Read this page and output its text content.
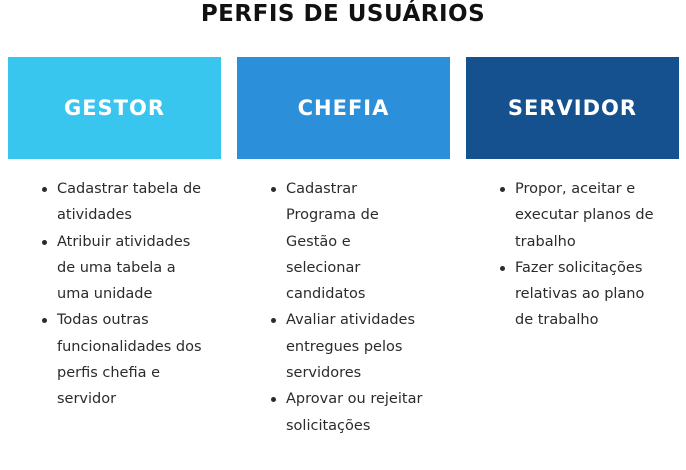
PERFIS DE USUÁRIOS
GESTOR
Cadastrar tabela de atividades
Atribuir atividades de uma tabela a uma unidade
Todas outras funcionalidades dos perfis chefia e servidor
CHEFIA
Cadastrar Programa de Gestão e selecionar candidatos
Avaliar atividades entregues pelos servidores
Aprovar ou rejeitar solicitações
SERVIDOR
Propor, aceitar e executar planos de trabalho
Fazer solicitações relativas ao plano de trabalho
